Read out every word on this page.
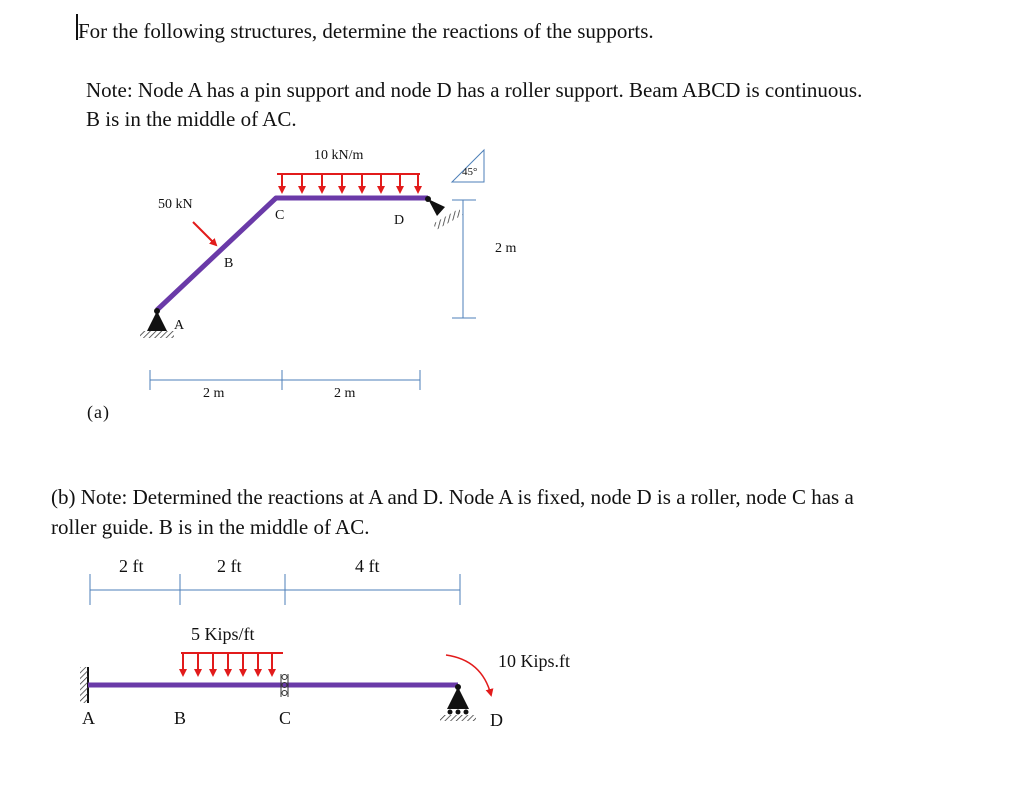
For the following structures, determine the reactions of the supports.
Note: Node A has a pin support and node D has a roller support. Beam ABCD is continuous.
B is in the middle of AC.
10 kN/m
50 kN
45°
2 m
2 m	2 m
B
C	D
A
(a)
(b) Note: Determined the reactions at A and D. Node A is fixed, node D is a roller, node C has a
roller guide. B is in the middle of AC.
2 ft	2 ft	4 ft
5 Kips/ft
10 Kips.ft
A	B	C	D
